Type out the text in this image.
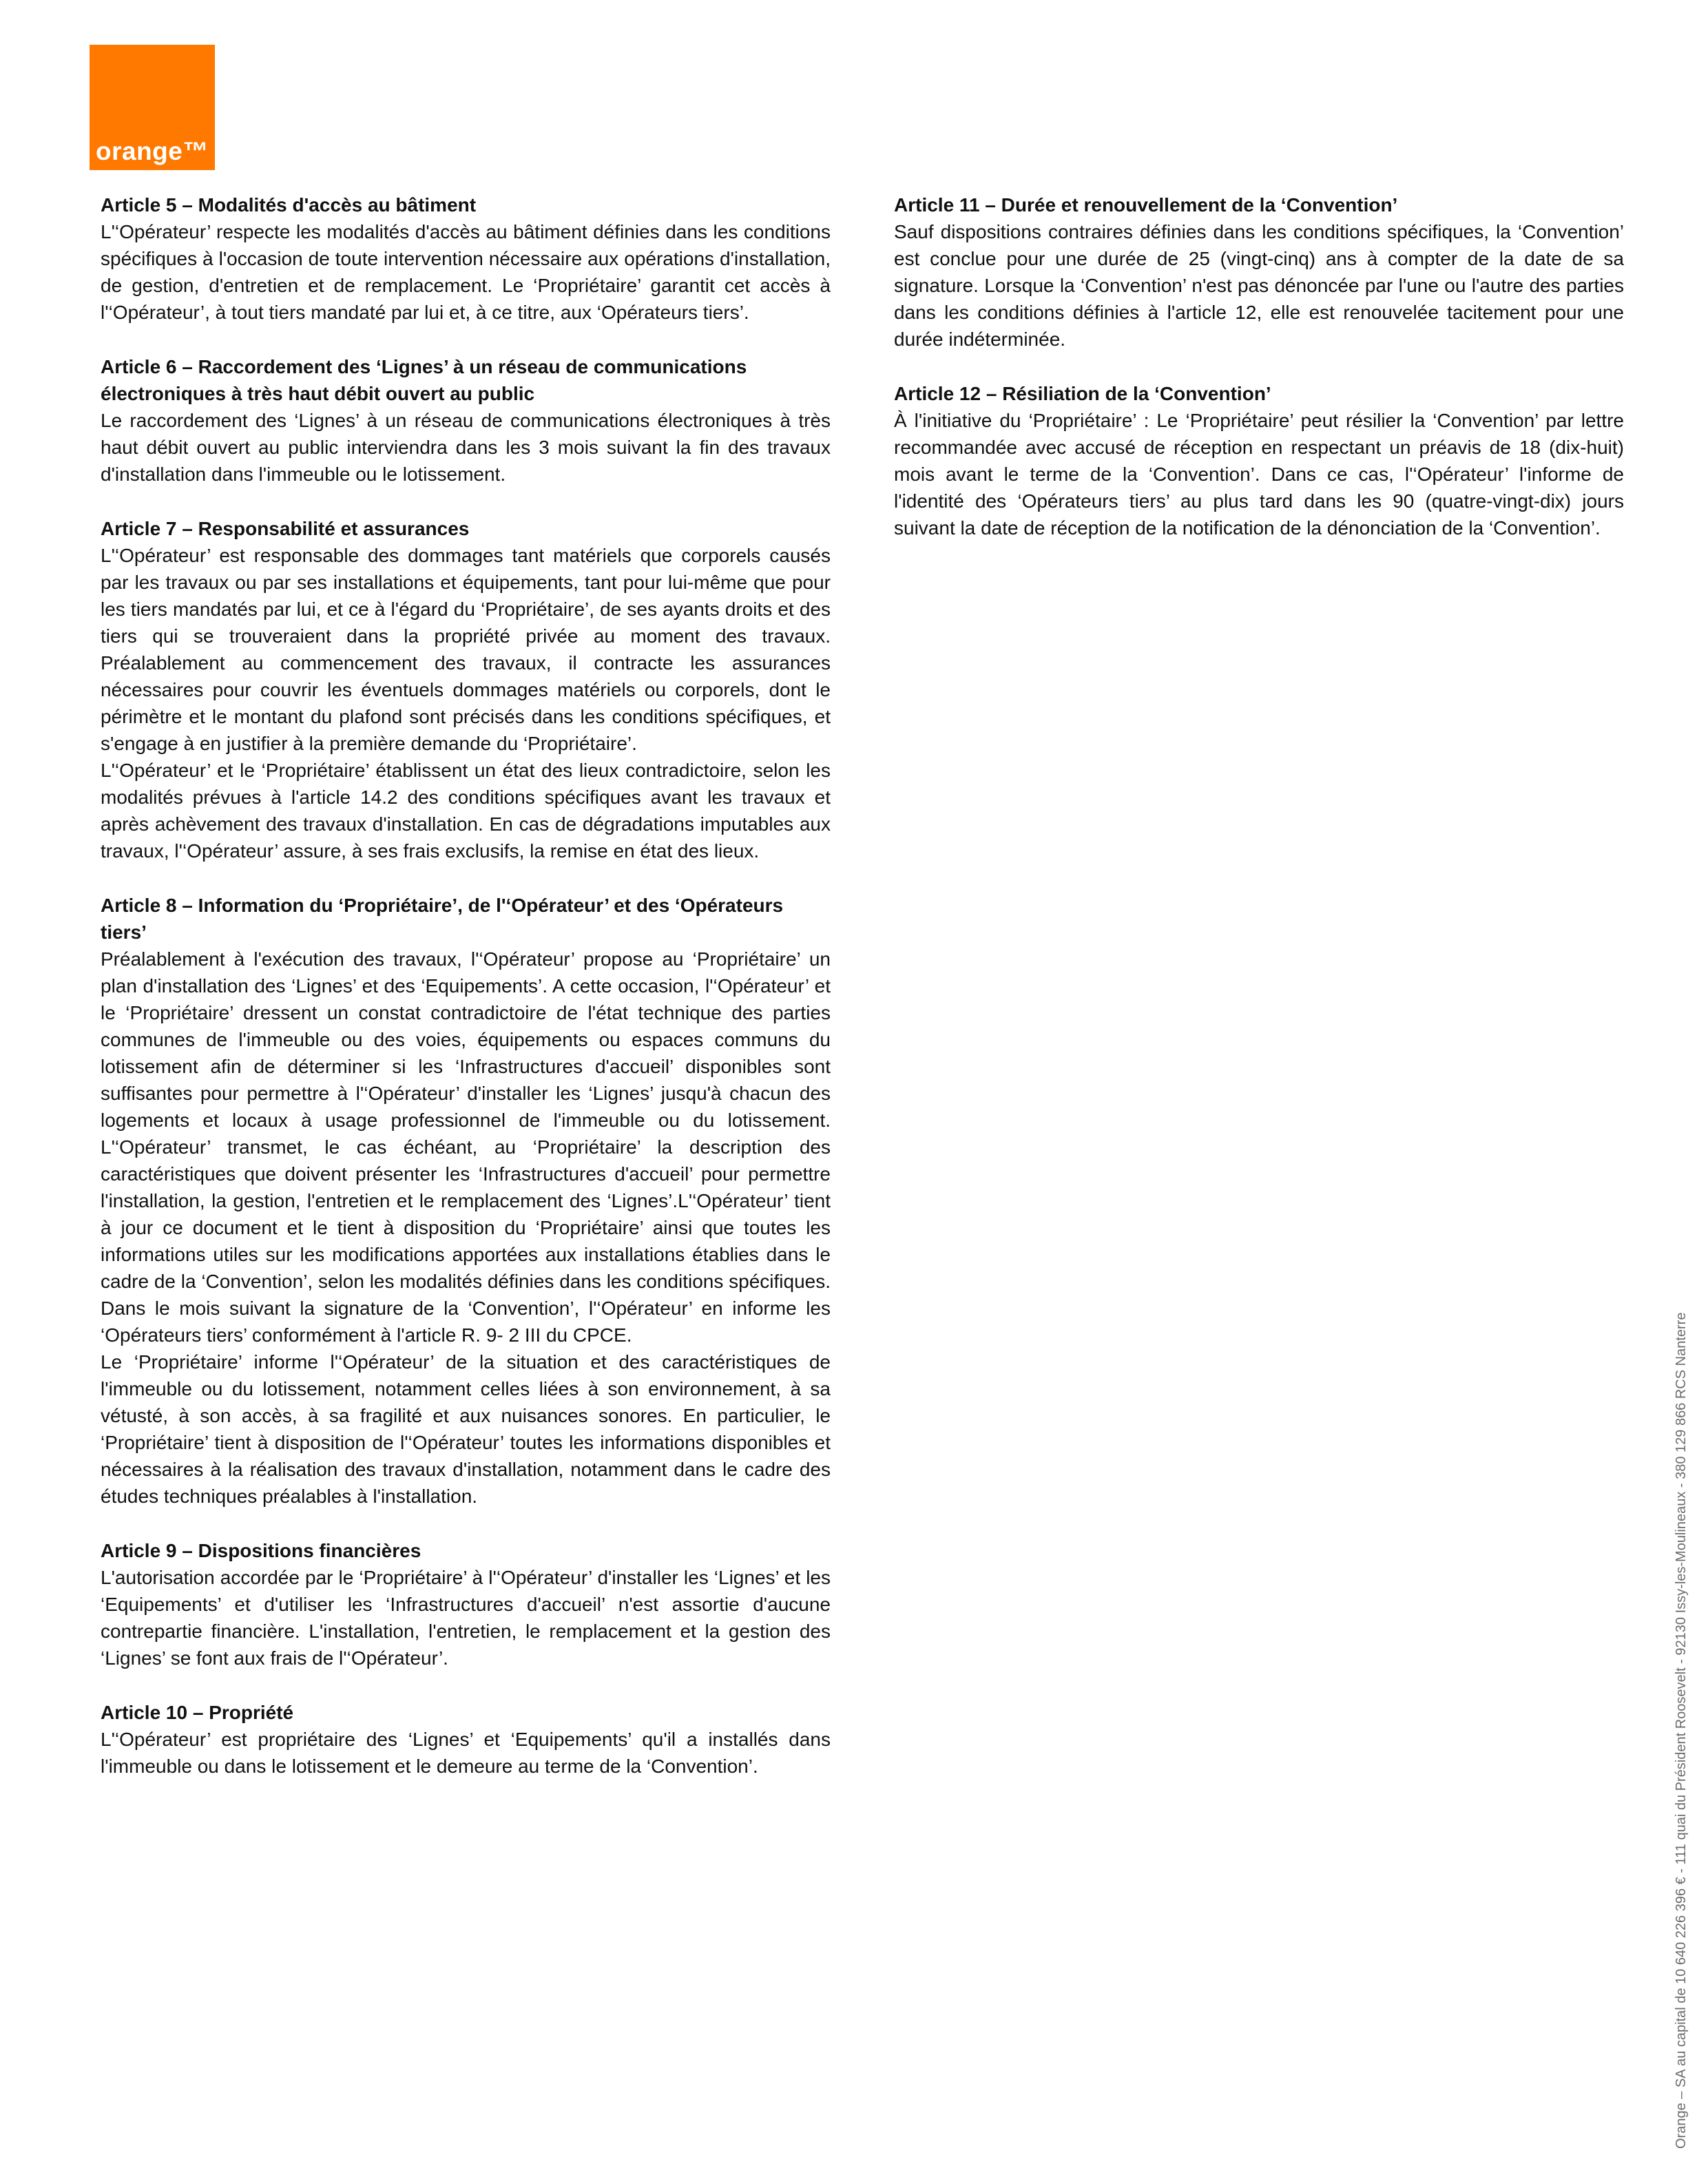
orange™
Article 5 – Modalités d'accès au bâtiment

L'‘Opérateur’ respecte les modalités d'accès au bâtiment définies dans les conditions spécifiques à l'occasion de toute intervention nécessaire aux opérations d'installation, de gestion, d'entretien et de remplacement. Le ‘Propriétaire’ garantit cet accès à l'‘Opérateur’, à tout tiers mandaté par lui et, à ce titre, aux ‘Opérateurs tiers’.

Article 6 – Raccordement des ‘Lignes’ à un réseau de communications électroniques à très haut débit ouvert au public

Le raccordement des ‘Lignes’ à un réseau de communications électroniques à très haut débit ouvert au public interviendra dans les 3 mois suivant la fin des travaux d'installation dans l'immeuble ou le lotissement.

Article 7 – Responsabilité et assurances

L'‘Opérateur’ est responsable des dommages tant matériels que corporels causés par les travaux ou par ses installations et équipements, tant pour lui-même que pour les tiers mandatés par lui, et ce à l'égard du ‘Propriétaire’, de ses ayants droits et des tiers qui se trouveraient dans la propriété privée au moment des travaux. Préalablement au commencement des travaux, il contracte les assurances nécessaires pour couvrir les éventuels dommages matériels ou corporels, dont le périmètre et le montant du plafond sont précisés dans les conditions spécifiques, et s'engage à en justifier à la première demande du ‘Propriétaire’.

L'‘Opérateur’ et le ‘Propriétaire’ établissent un état des lieux contradictoire, selon les modalités prévues à l'article 14.2 des conditions spécifiques avant les travaux et après achèvement des travaux d'installation. En cas de dégradations imputables aux travaux, l'‘Opérateur’ assure, à ses frais exclusifs, la remise en état des lieux.

Article 8 – Information du ‘Propriétaire’, de l'‘Opérateur’ et des ‘Opérateurs tiers’

Préalablement à l'exécution des travaux, l'‘Opérateur’ propose au ‘Propriétaire’ un plan d'installation des ‘Lignes’ et des ‘Equipements’. A cette occasion, l'‘Opérateur’ et le ‘Propriétaire’ dressent un constat contradictoire de l'état technique des parties communes de l'immeuble ou des voies, équipements ou espaces communs du lotissement afin de déterminer si les ‘Infrastructures d'accueil’ disponibles sont suffisantes pour permettre à l'‘Opérateur’ d'installer les ‘Lignes’ jusqu'à chacun des logements et locaux à usage professionnel de l'immeuble ou du lotissement. L'‘Opérateur’ transmet, le cas échéant, au ‘Propriétaire’ la description des caractéristiques que doivent présenter les ‘Infrastructures d'accueil’ pour permettre l'installation, la gestion, l'entretien et le remplacement des ‘Lignes’.L'‘Opérateur’ tient à jour ce document et le tient à disposition du ‘Propriétaire’ ainsi que toutes les informations utiles sur les modifications apportées aux installations établies dans le cadre de la ‘Convention’, selon les modalités définies dans les conditions spécifiques. Dans le mois suivant la signature de la ‘Convention’, l'‘Opérateur’ en informe les ‘Opérateurs tiers’ conformément à l'article R. 9- 2 III du CPCE.

Le ‘Propriétaire’ informe l'‘Opérateur’ de la situation et des caractéristiques de l'immeuble ou du lotissement, notamment celles liées à son environnement, à sa vétusté, à son accès, à sa fragilité et aux nuisances sonores. En particulier, le ‘Propriétaire’ tient à disposition de l'‘Opérateur’ toutes les informations disponibles et nécessaires à la réalisation des travaux d'installation, notamment dans le cadre des études techniques préalables à l'installation.

Article 9 – Dispositions financières

L'autorisation accordée par le ‘Propriétaire’ à l'‘Opérateur’ d'installer les ‘Lignes’ et les ‘Equipements’ et d'utiliser les ‘Infrastructures d'accueil’ n'est assortie d'aucune contrepartie financière. L'installation, l'entretien, le remplacement et la gestion des ‘Lignes’ se font aux frais de l'‘Opérateur’.

Article 10 – Propriété

L'‘Opérateur’ est propriétaire des ‘Lignes’ et ‘Equipements’ qu'il a installés dans l'immeuble ou dans le lotissement et le demeure au terme de la ‘Convention’.

Article 11 – Durée et renouvellement de la ‘Convention’

Sauf dispositions contraires définies dans les conditions spécifiques, la ‘Convention’ est conclue pour une durée de 25 (vingt-cinq) ans à compter de la date de sa signature. Lorsque la ‘Convention’ n'est pas dénoncée par l'une ou l'autre des parties dans les conditions définies à l'article 12, elle est renouvelée tacitement pour une durée indéterminée.

Article 12 – Résiliation de la ‘Convention’

À l'initiative du ‘Propriétaire’ : Le ‘Propriétaire’ peut résilier la ‘Convention’ par lettre recommandée avec accusé de réception en respectant un préavis de 18 (dix-huit) mois avant le terme de la ‘Convention’. Dans ce cas, l'‘Opérateur’ l'informe de l'identité des ‘Opérateurs tiers’ au plus tard dans les 90 (quatre-vingt-dix) jours suivant la date de réception de la notification de la dénonciation de la ‘Convention’.

Orange – SA au capital de 10 640 226 396 € - 111 quai du Président Roosevelt - 92130 Issy-les-Moulineaux - 380 129 866 RCS Nanterre
